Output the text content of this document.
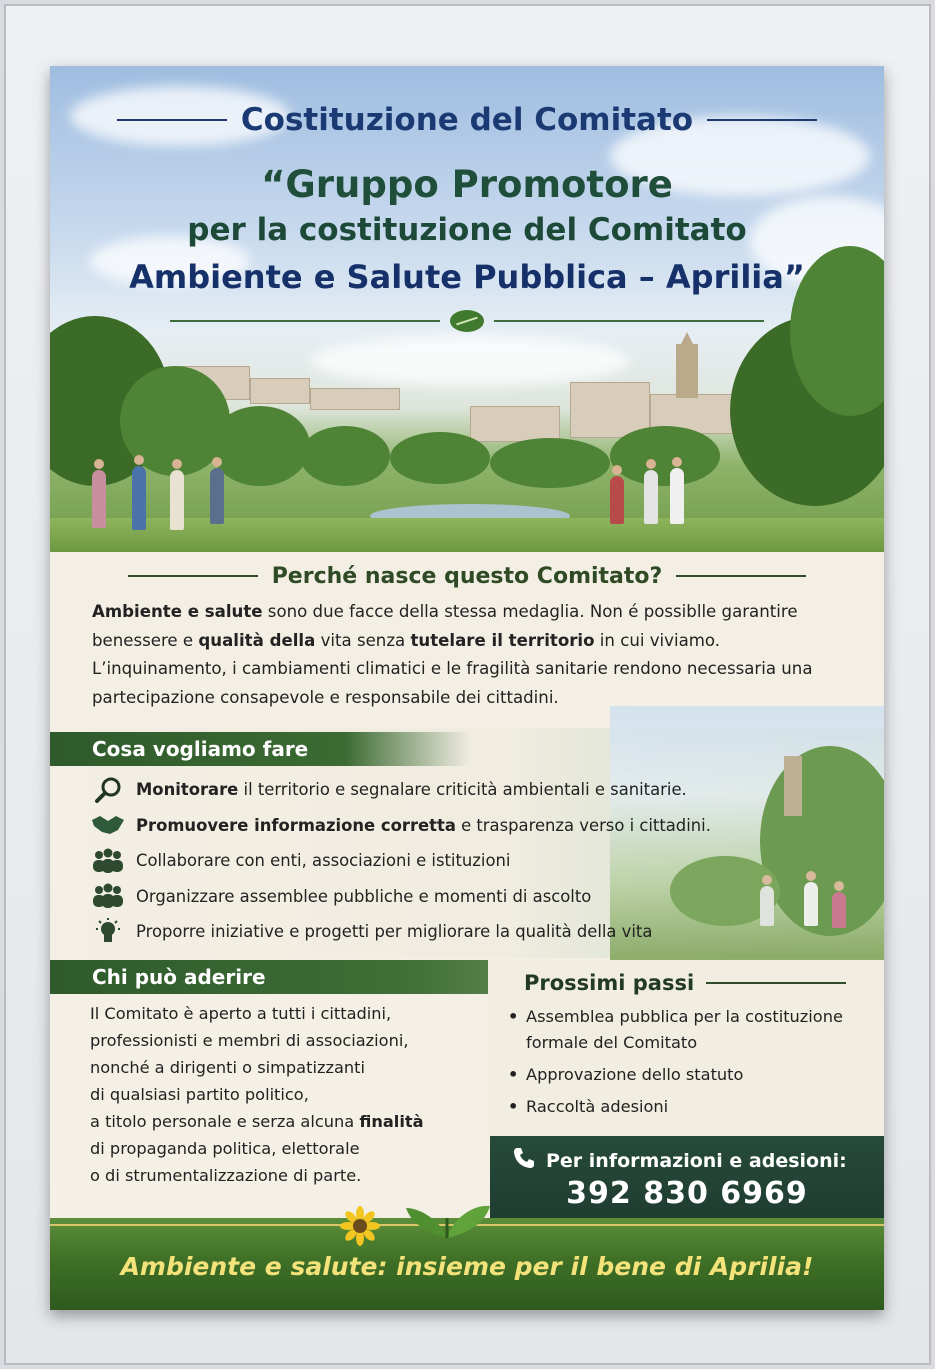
Costituzione del Comitato
“Gruppo Promotore
per la costituzione del Comitato
Ambiente e Salute Pubblica – Aprilia”
Perché nasce questo Comitato?
Ambiente e salute sono due facce della stessa medaglia. Non é possiblle garantire benessere e qualità della vita senza tutelare il territorio in cui viviamo. L’inquinamento, i cambiamenti climatici e le fragilità sanitarie rendono necessaria una partecipazione consapevole e responsabile dei cittadini.
Cosa vogliamo fare
Monitorare il territorio e segnalare criticità ambientali e sanitarie.
Promuovere informazione corretta e trasparenza verso i cittadini.
Collaborare con enti, associazioni e istituzioni
Organizzare assemblee pubbliche e momenti di ascolto
Proporre iniziative e progetti per migliorare la qualità della vita
Chi può aderire
Il Comitato è aperto a tutti i cittadini,
professionisti e membri di associazioni,
nonché a dirigenti o simpatizzanti
di qualsiasi partito politico,
a titolo personale e serza alcuna finalità
di propaganda politica, elettorale
o di strumentalizzazione di parte.
Prossimi passi
• Assemblea pubblica per la costituzione formale del Comitato
• Approvazione dello statuto
• Raccoltà adesioni
Per informazioni e adesioni:
392 830 6969
Ambiente e salute: insieme per il bene di Aprilia!
